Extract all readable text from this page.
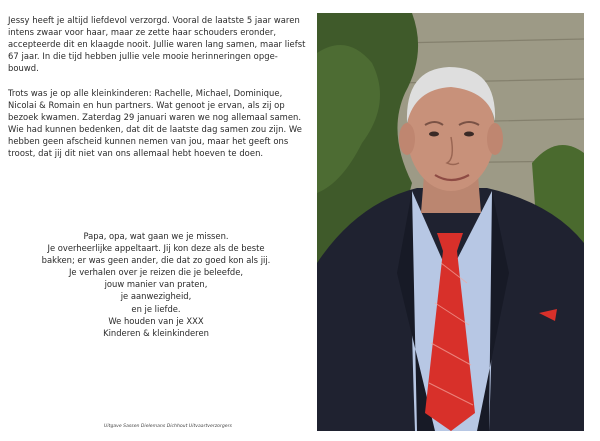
Jessy heeft je altijd liefdevol verzorgd. Vooral de laatste 5 jaar waren intens zwaar voor haar, maar ze zette haar schouders eronder, accepteerde dit en klaagde nooit. Jullie waren lang samen, maar liefst 67 jaar. In die tijd hebben jullie vele mooie herinneringen opge-bouwd.

Trots was je op alle kleinkinderen: Rachelle, Michael, Dominique, Nicolai & Romain en hun partners. Wat genoot je ervan, als zij op bezoek kwamen. Zaterdag 29 januari waren we nog allemaal samen. Wie had kunnen bedenken, dat dit de laatste dag samen zou zijn. We hebben geen afscheid kunnen nemen van jou, maar het geeft ons troost, dat jij dit niet van ons allemaal hebt hoeven te doen.

Papa, opa, wat gaan we je missen.
Je overheerlijke appeltaart. Jij kon deze als de beste
bakken; er was geen ander, die dat zo goed kon als jij.
Je verhalen over je reizen die je beleefde,
jouw manier van praten,
je aanwezigheid,
en je liefde.
We houden van je XXX
Kinderen & kleinkinderen
Uitgave Sassen Dielemans Dichhout Uitvaartverzorgers
